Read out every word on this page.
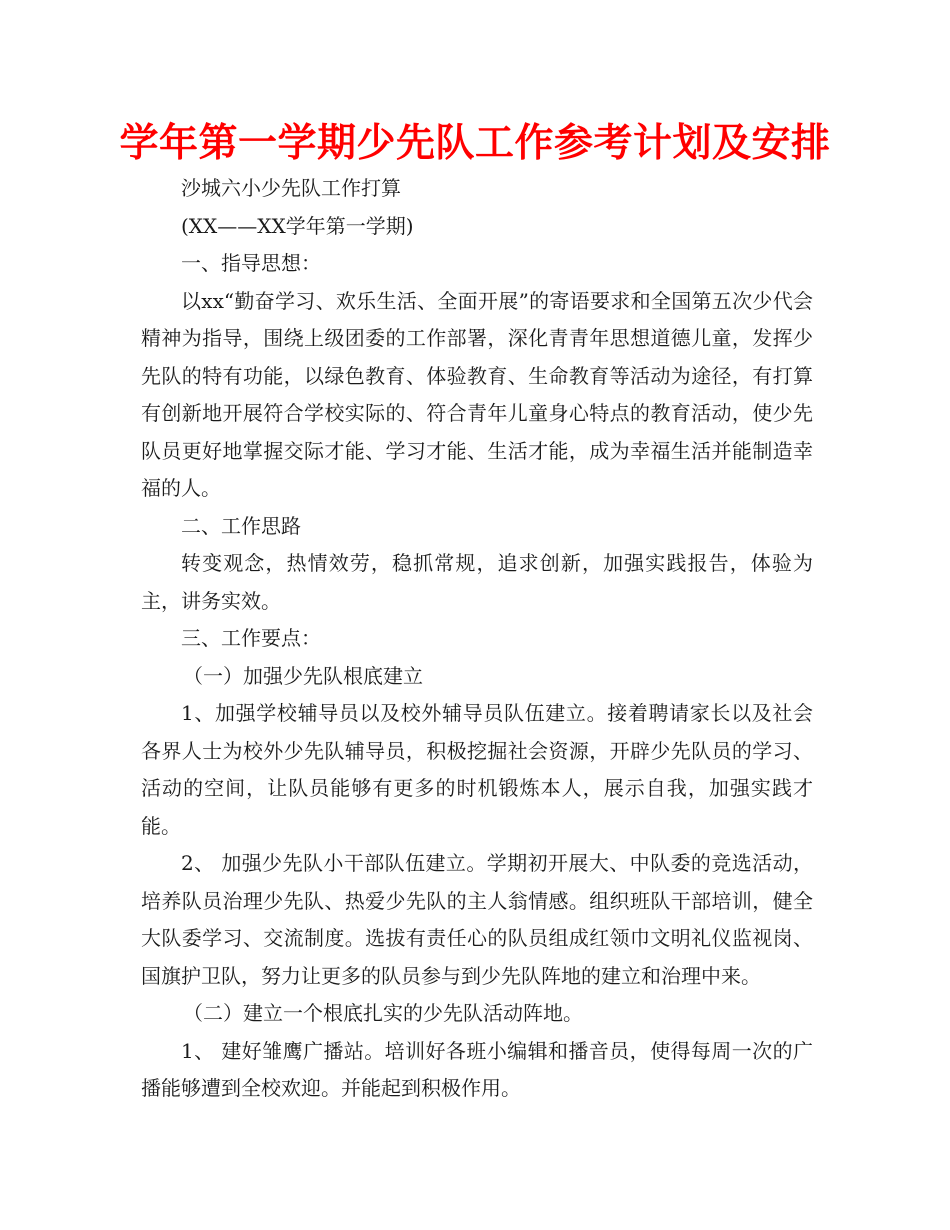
学年第一学期少先队工作参考计划及安排

沙城六小少先队工作打算

(XX——XX学年第一学期)

一、指导思想：

以xx“勤奋学习、欢乐生活、全面开展”的寄语要求和全国第五次少代会精神为指导，围绕上级团委的工作部署，深化青青年思想道德儿童，发挥少先队的特有功能，以绿色教育、体验教育、生命教育等活动为途径，有打算有创新地开展符合学校实际的、符合青年儿童身心特点的教育活动，使少先队员更好地掌握交际才能、学习才能、生活才能，成为幸福生活并能制造幸福的人。

二、工作思路

转变观念，热情效劳，稳抓常规，追求创新，加强实践报告，体验为主，讲务实效。

三、工作要点：

（一）加强少先队根底建立

1、加强学校辅导员以及校外辅导员队伍建立。接着聘请家长以及社会各界人士为校外少先队辅导员，积极挖掘社会资源，开辟少先队员的学习、活动的空间，让队员能够有更多的时机锻炼本人，展示自我，加强实践才能。

2、 加强少先队小干部队伍建立。学期初开展大、中队委的竞选活动，培养队员治理少先队、热爱少先队的主人翁情感。组织班队干部培训，健全大队委学习、交流制度。选拔有责任心的队员组成红领巾文明礼仪监视岗、国旗护卫队，努力让更多的队员参与到少先队阵地的建立和治理中来。

（二）建立一个根底扎实的少先队活动阵地。

1、 建好雏鹰广播站。培训好各班小编辑和播音员，使得每周一次的广播能够遭到全校欢迎。并能起到积极作用。
